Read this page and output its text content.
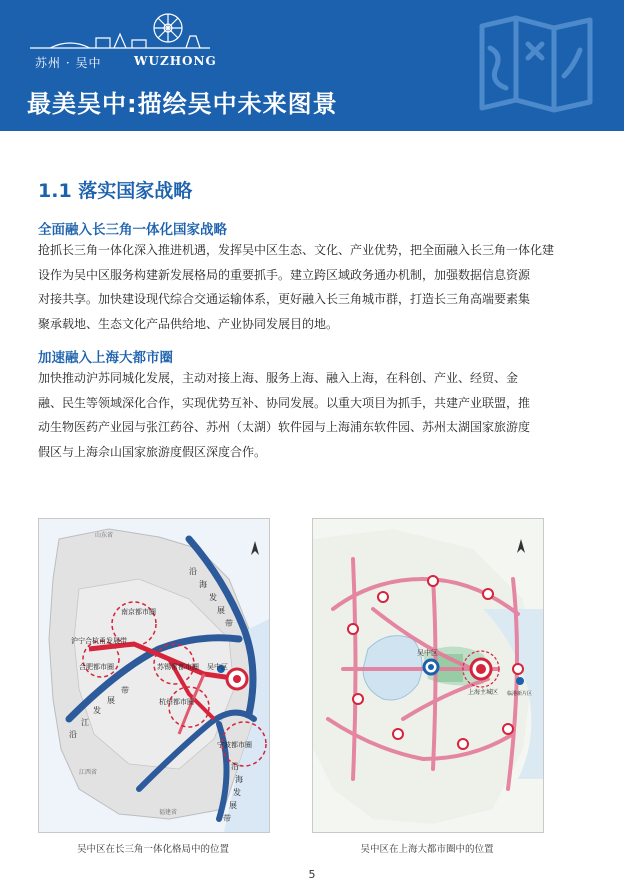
苏州 · 吴中	WUZHONG
最美吴中:描绘吴中未来图景
1.1 落实国家战略
全面融入长三角一体化国家战略
抢抓长三角一体化深入推进机遇，发挥吴中区生态、文化、产业优势，把全面融入长三角一体化建
设作为吴中区服务构建新发展格局的重要抓手。建立跨区域政务通办机制，加强数据信息资源
对接共享。加快建设现代综合交通运输体系，更好融入长三角城市群，打造长三角高端要素集
聚承载地、生态文化产品供给地、产业协同发展目的地。
加速融入上海大都市圈
加快推动沪苏同城化发展，主动对接上海、服务上海、融入上海，在科创、产业、经贸、金
融、民生等领域深化合作，实现优势互补、协同发展。以重大项目为抓手，共建产业联盟，推
动生物医药产业园与张江药谷、苏州（太湖）软件园与上海浦东软件园、苏州太湖国家旅游度
假区与上海佘山国家旅游度假区深度合作。
吴中区
南京都市圈
沪宁合杭甬发展带
合肥都市圈	苏锡常都市圈
杭州都市圈
宁波都市圈
沿
海
发
展
带
沿
江
发
展
带
山东省
江西省
福建省
沿
海
发
展
带
吴中区在长三角一体化格局中的位置
吴中区
上海主城区 临港新片区
吴中区在上海大都市圈中的位置
5
